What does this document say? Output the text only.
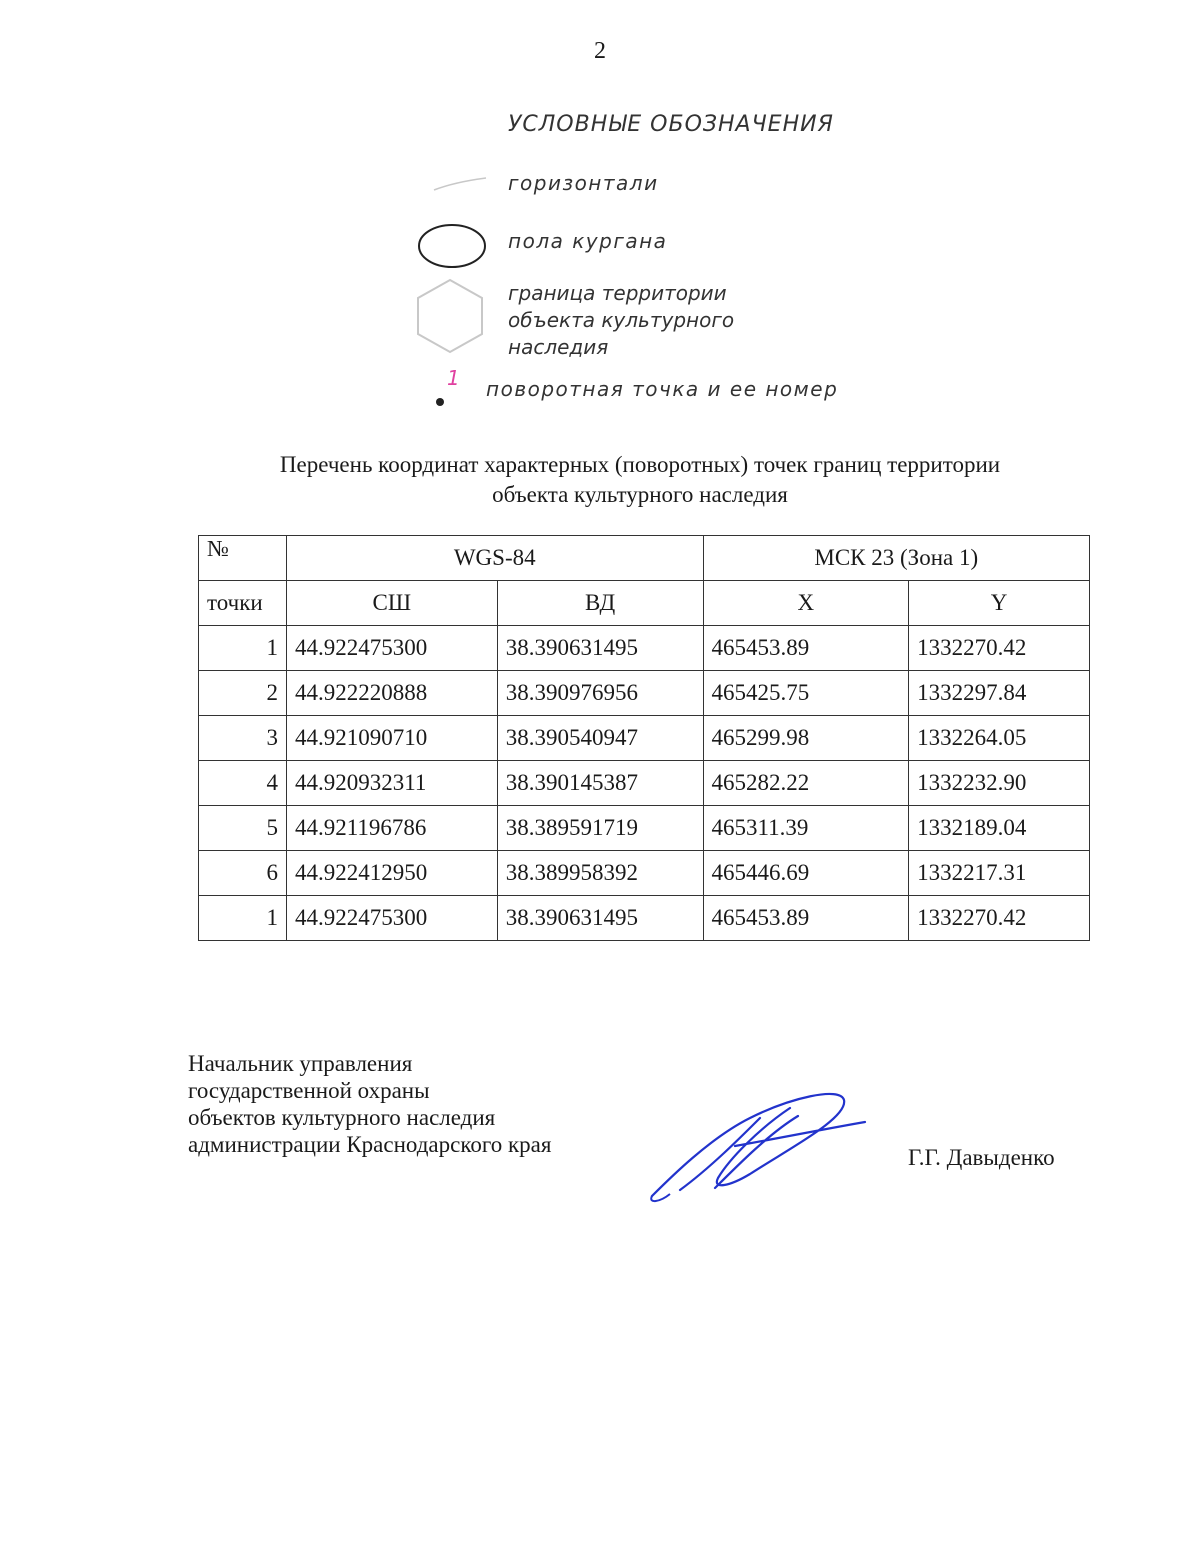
2
УСЛОВНЫЕ ОБОЗНАЧЕНИЯ
горизонтали
пола кургана
граница территории
объекта культурного
наследия
1 поворотная точка и ее номер
Перечень координат характерных (поворотных) точек границ территории
объекта культурного наследия
№	WGS-84		МСК 23 (Зона 1)	
точки	СШ	ВД	X	Y
1	44.922475300	38.390631495	465453.89	1332270.42
2	44.922220888	38.390976956	465425.75	1332297.84
3	44.921090710	38.390540947	465299.98	1332264.05
4	44.920932311	38.390145387	465282.22	1332232.90
5	44.921196786	38.389591719	465311.39	1332189.04
6	44.922412950	38.389958392	465446.69	1332217.31
1	44.922475300	38.390631495	465453.89	1332270.42
Начальник управления
государственной охраны
объектов культурного наследия
администрации Краснодарского края
Г.Г. Давыденко
